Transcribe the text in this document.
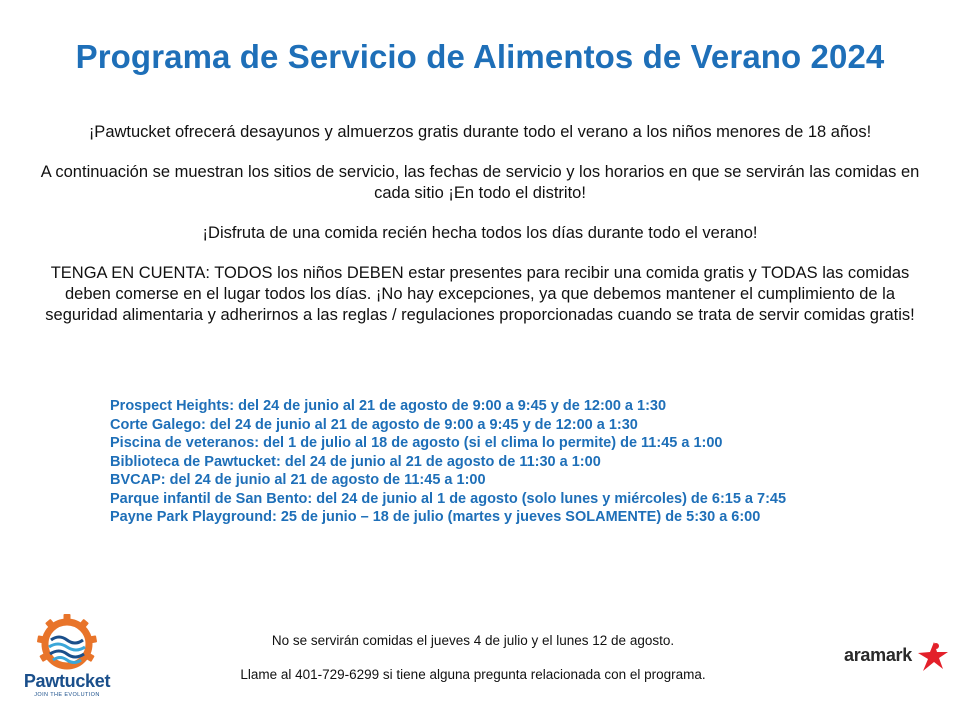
Programa de Servicio de Alimentos de Verano 2024

¡Pawtucket ofrecerá desayunos y almuerzos gratis durante todo el verano a los niños menores de 18 años!

A continuación se muestran los sitios de servicio, las fechas de servicio y los horarios en que se servirán las comidas en cada sitio ¡En todo el distrito!

¡Disfruta de una comida recién hecha todos los días durante todo el verano!

TENGA EN CUENTA: TODOS los niños DEBEN estar presentes para recibir una comida gratis y TODAS las comidas deben comerse en el lugar todos los días. ¡No hay excepciones, ya que debemos mantener el cumplimiento de la seguridad alimentaria y adherirnos a las reglas / regulaciones proporcionadas cuando se trata de servir comidas gratis!

Prospect Heights: del 24 de junio al 21 de agosto de 9:00 a 9:45 y de 12:00 a 1:30
Corte Galego: del 24 de junio al 21 de agosto de 9:00 a 9:45 y de 12:00 a 1:30
Piscina de veteranos: del 1 de julio al 18 de agosto (si el clima lo permite) de 11:45 a 1:00
Biblioteca de Pawtucket: del 24 de junio al 21 de agosto de 11:30 a 1:00
BVCAP: del 24 de junio al 21 de agosto de 11:45 a 1:00
Parque infantil de San Bento: del 24 de junio al 1 de agosto (solo lunes y miércoles) de 6:15 a 7:45
Payne Park Playground: 25 de junio – 18 de julio (martes y jueves SOLAMENTE) de 5:30 a 6:00

No se servirán comidas el jueves 4 de julio y el lunes 12 de agosto.

Llame al 401-729-6299 si tiene alguna pregunta relacionada con el programa.

Pawtucket
JOIN THE EVOLUTION
aramark
